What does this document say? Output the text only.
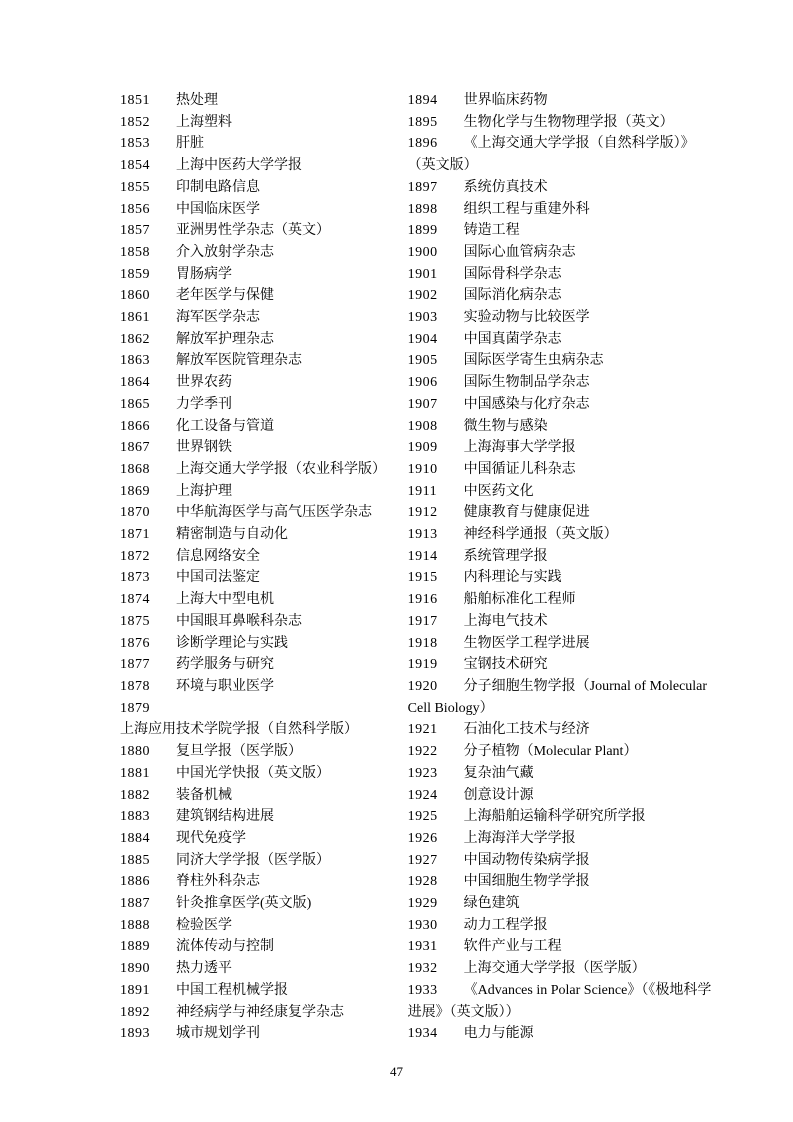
1851 热处理
1852 上海塑料
1853 肝脏
1854 上海中医药大学学报
1855 印制电路信息
1856 中国临床医学
1857 亚洲男性学杂志（英文）
1858 介入放射学杂志
1859 胃肠病学
1860 老年医学与保健
1861 海军医学杂志
1862 解放军护理杂志
1863 解放军医院管理杂志
1864 世界农药
1865 力学季刊
1866 化工设备与管道
1867 世界钢铁
1868 上海交通大学学报（农业科学版）
1869 上海护理
1870 中华航海医学与高气压医学杂志
1871 精密制造与自动化
1872 信息网络安全
1873 中国司法鉴定
1874 上海大中型电机
1875 中国眼耳鼻喉科杂志
1876 诊断学理论与实践
1877 药学服务与研究
1878 环境与职业医学
1879上海应用技术学院学报（自然科学版）
1880 复旦学报（医学版）
1881 中国光学快报（英文版）
1882 装备机械
1883 建筑钢结构进展
1884 现代免疫学
1885 同济大学学报（医学版）
1886 脊柱外科杂志
1887 针灸推拿医学(英文版)
1888 检验医学
1889 流体传动与控制
1890 热力透平
1891 中国工程机械学报
1892 神经病学与神经康复学杂志
1893 城市规划学刊
1894 世界临床药物
1895 生物化学与生物物理学报（英文）
1896 《上海交通大学学报（自然科学版）》（英文版）
1897 系统仿真技术
1898 组织工程与重建外科
1899 铸造工程
1900 国际心血管病杂志
1901 国际骨科学杂志
1902 国际消化病杂志
1903 实验动物与比较医学
1904 中国真菌学杂志
1905 国际医学寄生虫病杂志
1906 国际生物制品学杂志
1907 中国感染与化疗杂志
1908 微生物与感染
1909 上海海事大学学报
1910 中国循证儿科杂志
1911 中医药文化
1912 健康教育与健康促进
1913 神经科学通报（英文版）
1914 系统管理学报
1915 内科理论与实践
1916 船舶标准化工程师
1917 上海电气技术
1918 生物医学工程学进展
1919 宝钢技术研究
1920 分子细胞生物学报（Journal of Molecular Cell Biology）
1921 石油化工技术与经济
1922 分子植物（Molecular Plant）
1923 复杂油气藏
1924 创意设计源
1925 上海船舶运输科学研究所学报
1926 上海海洋大学学报
1927 中国动物传染病学报
1928 中国细胞生物学学报
1929 绿色建筑
1930 动力工程学报
1931 软件产业与工程
1932 上海交通大学学报（医学版）
1933 《Advances in Polar Science》（《极地科学进展》（英文版））
1934 电力与能源
47
